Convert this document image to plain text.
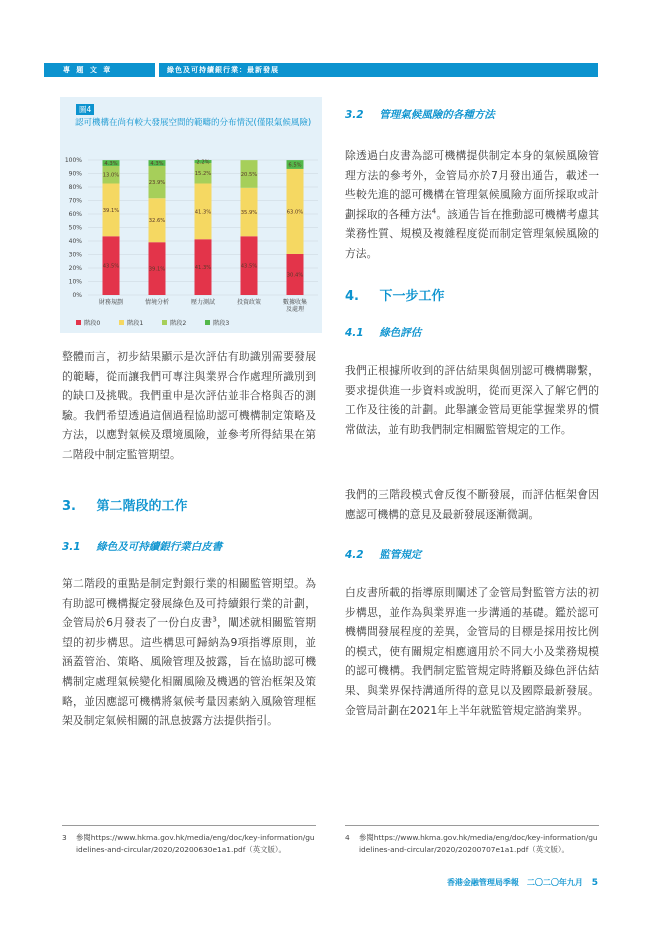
專 題 文 章	綠色及可持續銀行業：最新發展
圖4
認可機構在尚有較大發展空間的範疇的分布情況(僅限氣候風險)
0%
10%
20%
30%
40%
50%
60%
70%
80%
90%
100%
43.5%
39.1%
13.0%
4.3%
財務規劃
39.1%
32.6%
23.9%
4.3%
情境分析
41.3%
41.3%
15.2%
2.2%
壓力測試
43.5%
35.9%
20.5%
投資政策
30.4%
63.0%
6.5%
數據收集
及處理
階段0	階段1	階段2	階段3
整體而言，初步結果顯示是次評估有助識別需要發展的範疇，從而讓我們可專注與業界合作處理所識別到的缺口及挑戰。我們重申是次評估並非合格與否的測驗。我們希望透過這個過程協助認可機構制定策略及方法，以應對氣候及環境風險，並參考所得結果在第二階段中制定監管期望。
3. 第二階段的工作
3.1 綠色及可持續銀行業白皮書
第二階段的重點是制定對銀行業的相關監管期望。為有助認可機構擬定發展綠色及可持續銀行業的計劃，金管局於6月發表了一份白皮書$^3$，闡述就相關監管期望的初步構思。這些構思可歸納為9項指導原則，並涵蓋管治、策略、風險管理及披露，旨在協助認可機構制定處理氣候變化相關風險及機遇的管治框架及策略，並因應認可機構將氣候考量因素納入風險管理框架及制定氣候相關的訊息披露方法提供指引。
3.2 管理氣候風險的各種方法
除透過白皮書為認可機構提供制定本身的氣候風險管理方法的參考外，金管局亦於7月發出通告，載述一些較先進的認可機構在管理氣候風險方面所採取或計劃採取的各種方法$^4$。該通告旨在推動認可機構考慮其業務性質、規模及複雜程度從而制定管理氣候風險的方法。
4. 下一步工作
4.1 綠色評估
我們正根據所收到的評估結果與個別認可機構聯繫，要求提供進一步資料或說明，從而更深入了解它們的工作及往後的計劃。此舉讓金管局更能掌握業界的慣常做法，並有助我們制定相關監管規定的工作。
我們的三階段模式會反復不斷發展，而評估框架會因應認可機構的意見及最新發展逐漸微調。
4.2 監管規定
白皮書所載的指導原則闡述了金管局對監管方法的初步構思，並作為與業界進一步溝通的基礎。鑑於認可機構間發展程度的差異，金管局的目標是採用按比例的模式，使有關規定相應適用於不同大小及業務規模的認可機構。我們制定監管規定時將顧及綠色評估結果、與業界保持溝通所得的意見以及國際最新發展。金管局計劃在2021年上半年就監管規定諮詢業界。
3	參閱https://www.hkma.gov.hk/media/eng/doc/key-information/guidelines-and-circular/2020/20200630e1a1.pdf（英文版）。
4	參閱https://www.hkma.gov.hk/media/eng/doc/key-information/guidelines-and-circular/2020/20200707e1a1.pdf（英文版）。
香港金融管理局季報　二〇二〇年九月 5
